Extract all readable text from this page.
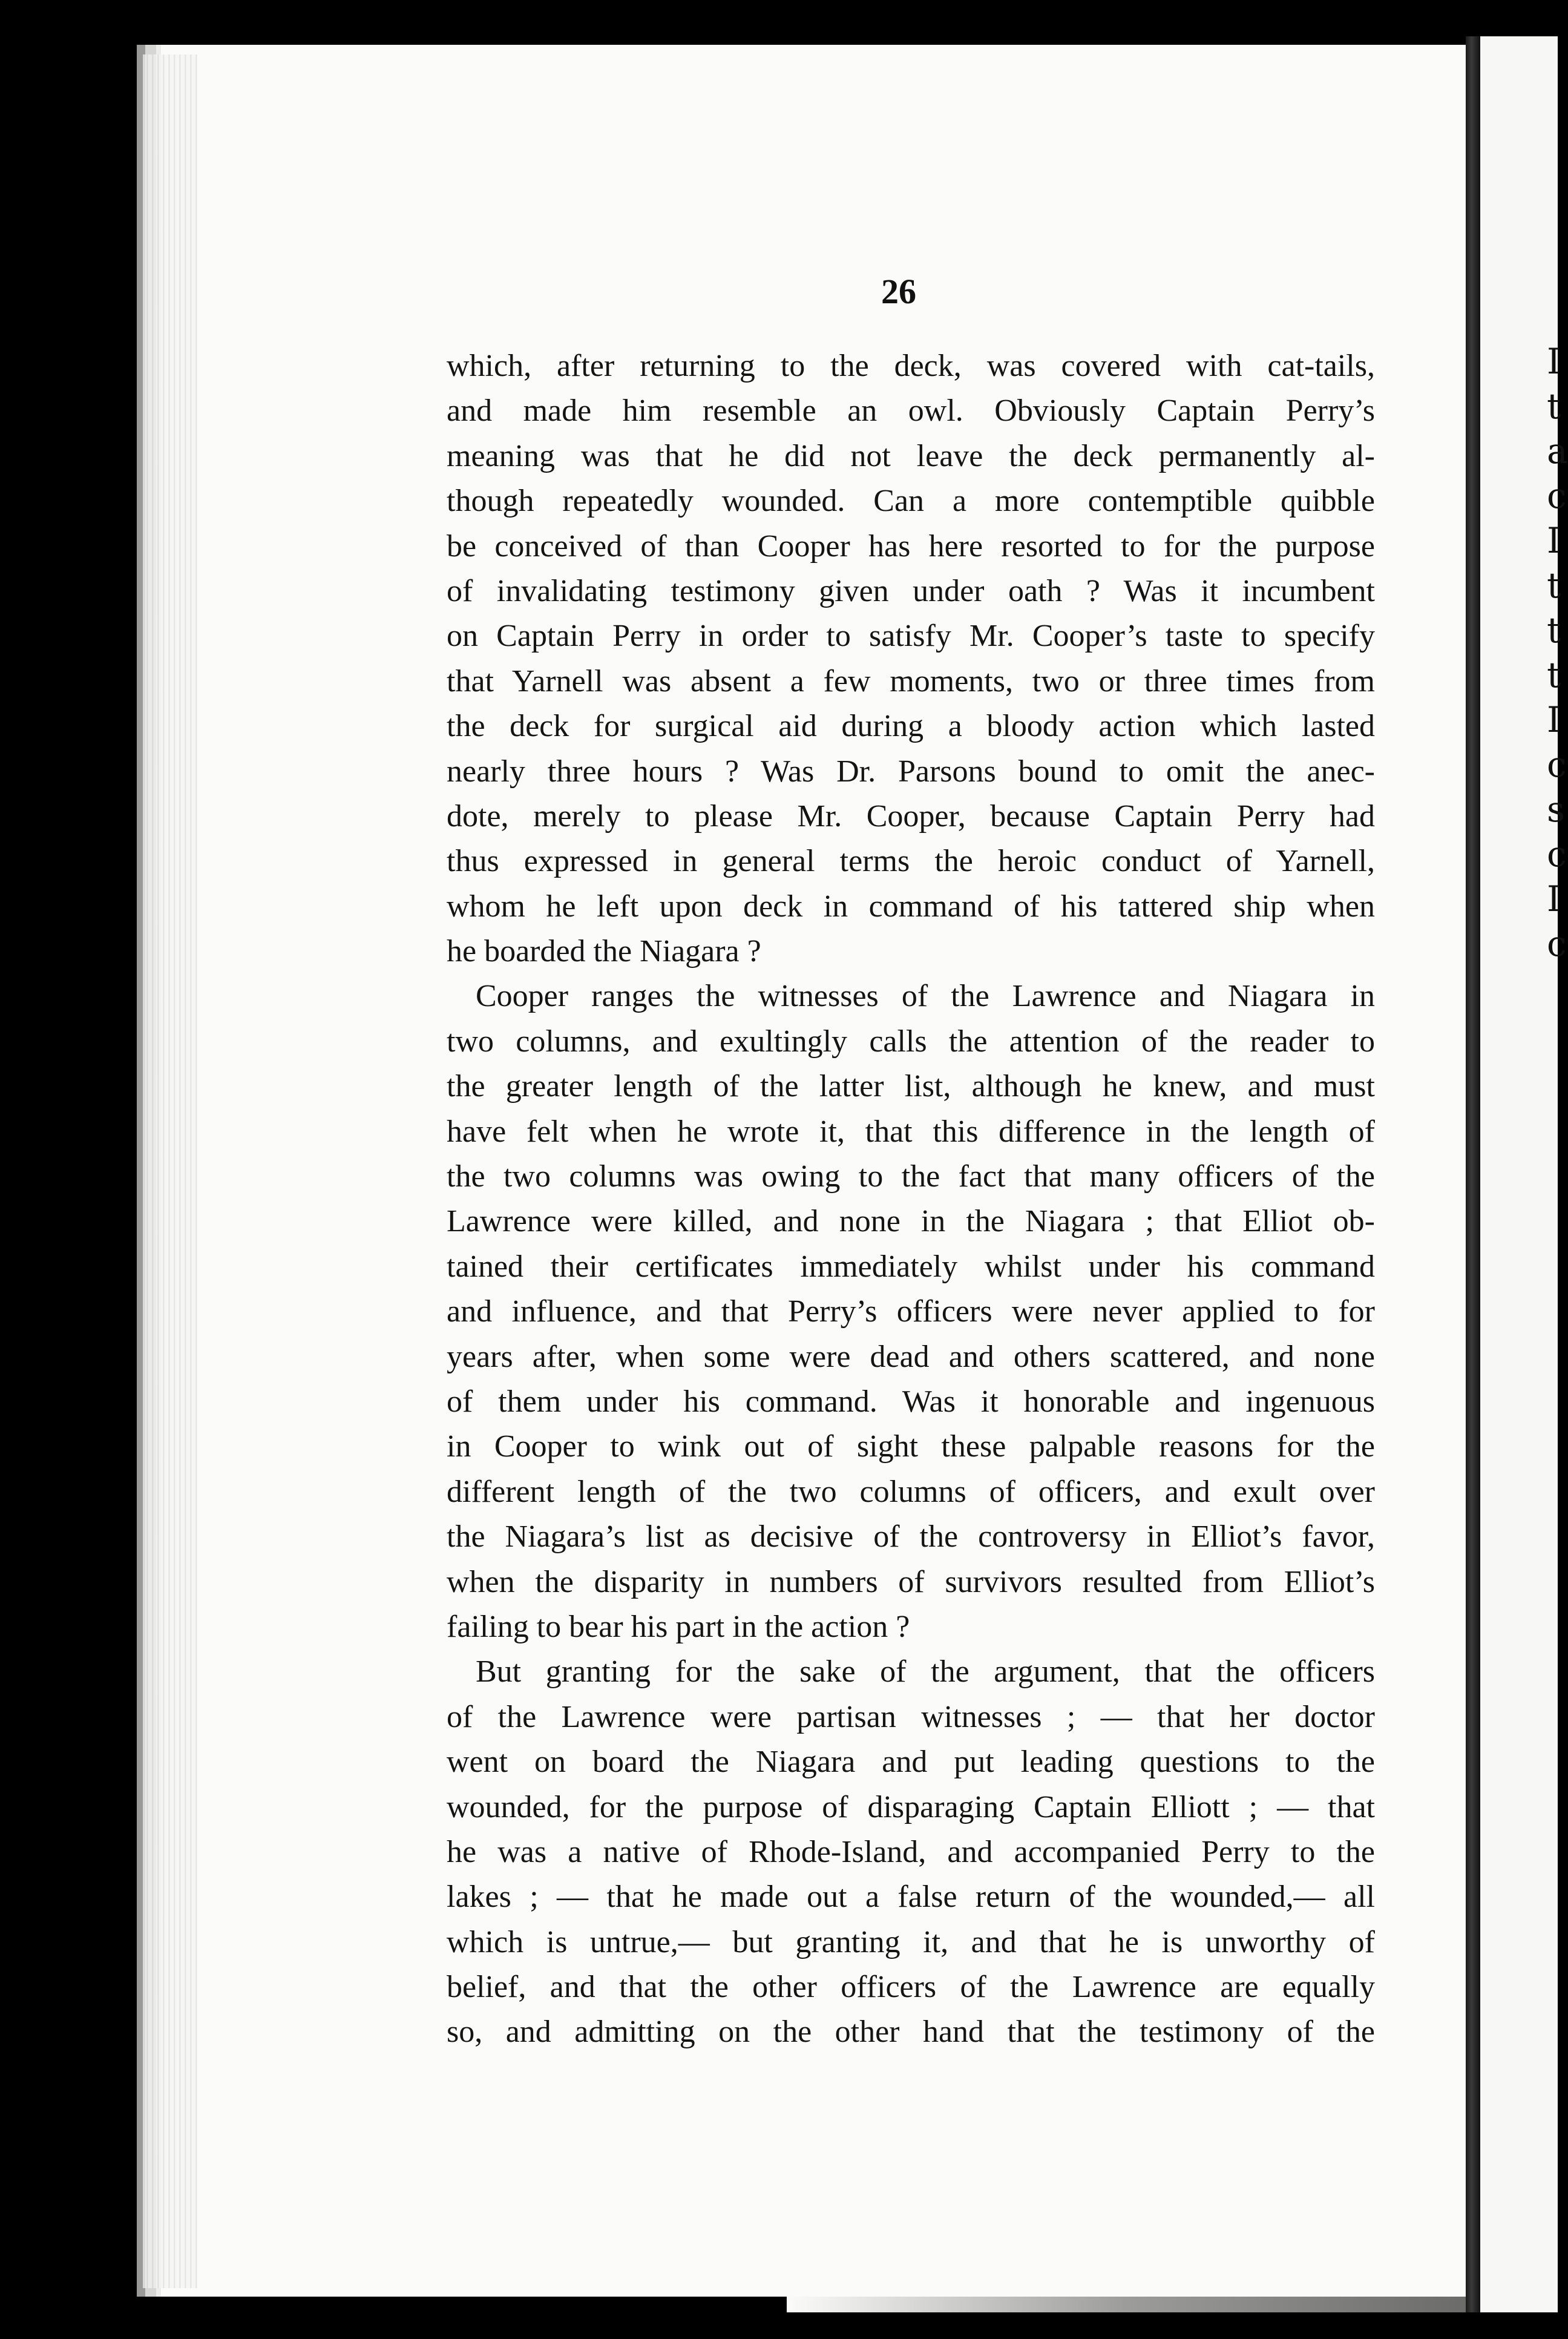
I
t
a
c
I
t
t
t
I
c
s
c
I
c
26
which, after returning to the deck, was covered with cat-tails,
and made him resemble an owl. Obviously Captain Perry’s
meaning was that he did not leave the deck permanently al-
though repeatedly wounded. Can a more contemptible quibble
be conceived of than Cooper has here resorted to for the purpose
of invalidating testimony given under oath ? Was it incumbent
on Captain Perry in order to satisfy Mr. Cooper’s taste to specify
that Yarnell was absent a few moments, two or three times from
the deck for surgical aid during a bloody action which lasted
nearly three hours ? Was Dr. Parsons bound to omit the anec-
dote, merely to please Mr. Cooper, because Captain Perry had
thus expressed in general terms the heroic conduct of Yarnell,
whom he left upon deck in command of his tattered ship when
he boarded the Niagara ?
Cooper ranges the witnesses of the Lawrence and Niagara in
two columns, and exultingly calls the attention of the reader to
the greater length of the latter list, although he knew, and must
have felt when he wrote it, that this difference in the length of
the two columns was owing to the fact that many officers of the
Lawrence were killed, and none in the Niagara ; that Elliot ob-
tained their certificates immediately whilst under his command
and influence, and that Perry’s officers were never applied to for
years after, when some were dead and others scattered, and none
of them under his command. Was it honorable and ingenuous
in Cooper to wink out of sight these palpable reasons for the
different length of the two columns of officers, and exult over
the Niagara’s list as decisive of the controversy in Elliot’s favor,
when the disparity in numbers of survivors resulted from Elliot’s
failing to bear his part in the action ?
But granting for the sake of the argument, that the officers
of the Lawrence were partisan witnesses ; — that her doctor
went on board the Niagara and put leading questions to the
wounded, for the purpose of disparaging Captain Elliott ; — that
he was a native of Rhode-Island, and accompanied Perry to the
lakes ; — that he made out a false return of the wounded,— all
which is untrue,— but granting it, and that he is unworthy of
belief, and that the other officers of the Lawrence are equally
so, and admitting on the other hand that the testimony of the
